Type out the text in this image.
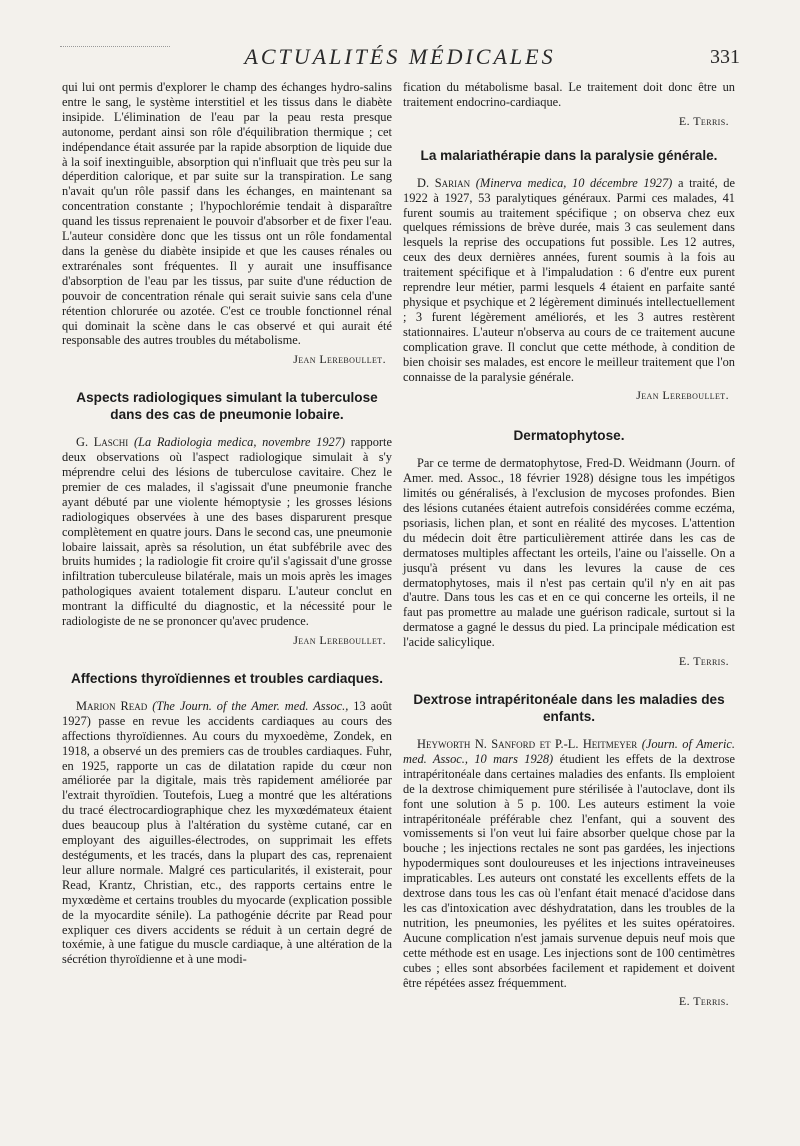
ACTUALITÉS MÉDICALES	331

qui lui ont permis d'explorer le champ des échanges hydro-salins entre le sang, le système interstitiel et les tissus dans le diabète insipide. L'élimination de l'eau par la peau resta presque autonome, perdant ainsi son rôle d'équilibration thermique ; cet indépendance était assurée par la rapide absorption de liquide due à la soif inextinguible, absorption qui n'influait que très peu sur la déperdition calorique, et par suite sur la transpiration. Le sang n'avait qu'un rôle passif dans les échanges, en maintenant sa concentration constante ; l'hypochlorémie tendait à disparaître quand les tissus reprenaient le pouvoir d'absorber et de fixer l'eau. L'auteur considère donc que les tissus ont un rôle fondamental dans la genèse du diabète insipide et que les causes rénales ou extrarénales sont fréquentes. Il y aurait une insuffisance d'absorption de l'eau par les tissus, par suite d'une réduction de pouvoir de concentration rénale qui serait suivie sans cela d'une rétention chlorurée ou azotée. C'est ce trouble fonctionnel rénal qui dominait la scène dans le cas observé et qui aurait été responsable des autres troubles du métabolisme.

Jean Lereboullet.
Aspects radiologiques simulant la tuberculose dans des cas de pneumonie lobaire.

G. Laschi (La Radiologia medica, novembre 1927) rapporte deux observations où l'aspect radiologique simulait à s'y méprendre celui des lésions de tuberculose cavitaire. Chez le premier de ces malades, il s'agissait d'une pneumonie franche ayant débuté par une violente hémoptysie ; les grosses lésions radiologiques observées à une des bases disparurent presque complètement en quatre jours. Dans le second cas, une pneumonie lobaire laissait, après sa résolution, un état subfébrile avec des bruits humides ; la radiologie fit croire qu'il s'agissait d'une grosse infiltration tuberculeuse bilatérale, mais un mois après les images pathologiques avaient totalement disparu. L'auteur conclut en montrant la difficulté du diagnostic, et la nécessité pour le radiologiste de ne se prononcer qu'avec prudence.

Jean Lereboullet.
Affections thyroïdiennes et troubles cardiaques.

Marion Read (The Journ. of the Amer. med. Assoc., 13 août 1927) passe en revue les accidents cardiaques au cours des affections thyroïdiennes. Au cours du myxoedème, Zondek, en 1918, a observé un des premiers cas de troubles cardiaques. Fuhr, en 1925, rapporte un cas de dilatation rapide du cœur non améliorée par la digitale, mais très rapidement améliorée par l'extrait thyroïdien. Toutefois, Lueg a montré que les altérations du tracé électrocardiographique chez les myxœdémateux étaient dues beaucoup plus à l'altération du système cutané, car en employant des aiguilles-électrodes, on supprimait les effets destéguments, et les tracés, dans la plupart des cas, reprenaient leur allure normale. Malgré ces particularités, il existerait, pour Read, Krantz, Christian, etc., des rapports certains entre le myxœdème et certains troubles du myocarde (explication possible de la myocardite sénile). La pathogénie décrite par Read pour expliquer ces divers accidents se réduit à un certain degré de toxémie, à une fatigue du muscle cardiaque, à une altération de la sécrétion thyroïdienne et à une modi-

fication du métabolisme basal. Le traitement doit donc être un traitement endocrino-cardiaque.

E. Terris.
La malariathérapie dans la paralysie générale.

D. Sarian (Minerva medica, 10 décembre 1927) a traité, de 1922 à 1927, 53 paralytiques généraux. Parmi ces malades, 41 furent soumis au traitement spécifique ; on observa chez eux quelques rémissions de brève durée, mais 3 cas seulement dans lesquels la reprise des occupations fut possible. Les 12 autres, ceux des deux dernières années, furent soumis à la fois au traitement spécifique et à l'impaludation : 6 d'entre eux purent reprendre leur métier, parmi lesquels 4 étaient en parfaite santé physique et psychique et 2 légèrement diminués intellectuellement ; 3 furent légèrement améliorés, et les 3 autres restèrent stationnaires. L'auteur n'observa au cours de ce traitement aucune complication grave. Il conclut que cette méthode, à condition de bien choisir ses malades, est encore le meilleur traitement que l'on connaisse de la paralysie générale.

Jean Lereboullet.
Dermatophytose.

Par ce terme de dermatophytose, Fred-D. Weidmann (Journ. of Amer. med. Assoc., 18 février 1928) désigne tous les impétigos limités ou généralisés, à l'exclusion de mycoses profondes. Bien des lésions cutanées étaient autrefois considérées comme eczéma, psoriasis, lichen plan, et sont en réalité des mycoses. L'attention du médecin doit être particulièrement attirée dans les cas de dermatoses multiples affectant les orteils, l'aine ou l'aisselle. On a jusqu'à présent vu dans les levures la cause de ces dermatophytoses, mais il n'est pas certain qu'il n'y en ait pas d'autre. Dans tous les cas et en ce qui concerne les orteils, il ne faut pas promettre au malade une guérison radicale, surtout si la dermatose a gagné le dessus du pied. La principale médication est l'acide salicylique.

E. Terris.
Dextrose intrapéritonéale dans les maladies des enfants.

Heyworth N. Sanford et P.-L. Heitmeyer (Journ. of Americ. med. Assoc., 10 mars 1928) étudient les effets de la dextrose intrapéritonéale dans certaines maladies des enfants. Ils emploient de la dextrose chimiquement pure stérilisée à l'autoclave, dont ils font une solution à 5 p. 100. Les auteurs estiment la voie intrapéritonéale préférable chez l'enfant, qui a souvent des vomissements si l'on veut lui faire absorber quelque chose par la bouche ; les injections rectales ne sont pas gardées, les injections hypodermiques sont douloureuses et les injections intraveineuses impraticables. Les auteurs ont constaté les excellents effets de la dextrose dans tous les cas où l'enfant était menacé d'acidose dans les cas d'intoxication avec déshydratation, dans les troubles de la nutrition, les pneumonies, les pyélites et les suites opératoires. Aucune complication n'est jamais survenue depuis neuf mois que cette méthode est en usage. Les injections sont de 100 centimètres cubes ; elles sont absorbées facilement et rapidement et doivent être répétées assez fréquemment.

E. Terris.
